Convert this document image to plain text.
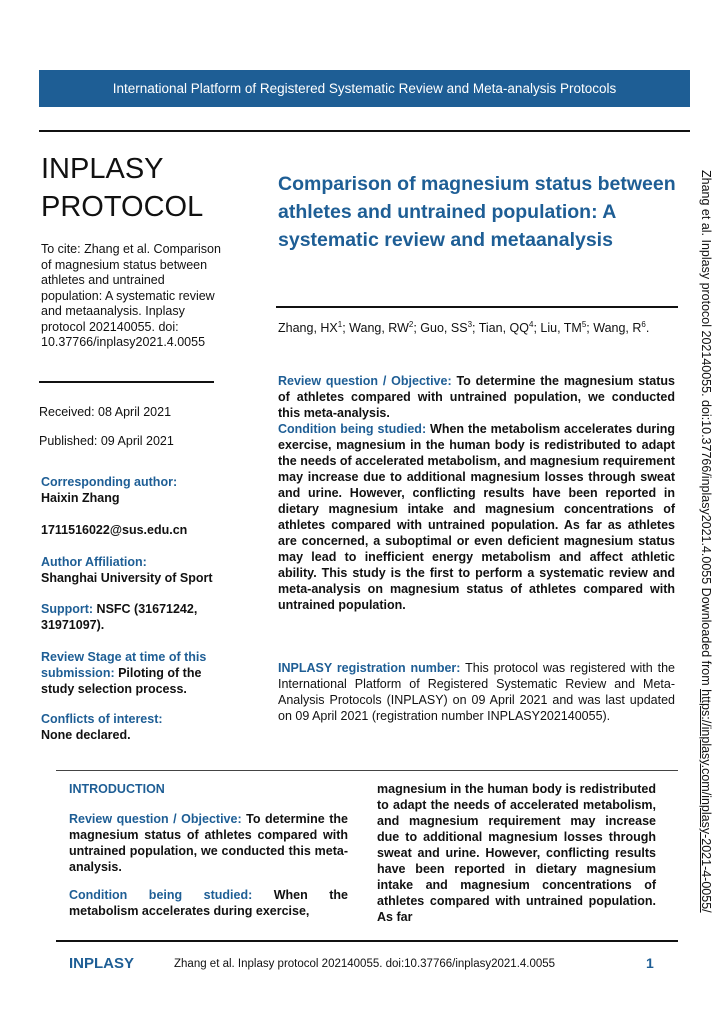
International Platform of Registered Systematic Review and Meta-analysis Protocols
INPLASY
PROTOCOL
To cite: Zhang et al. Comparison of magnesium status between athletes and untrained population: A systematic review and metaanalysis. Inplasy protocol 202140055. doi: 10.37766/inplasy2021.4.0055
Received: 08 April 2021
Published: 09 April 2021
Corresponding author:
Haixin Zhang
1711516022@sus.edu.cn
Author Affiliation:
Shanghai University of Sport
Support: NSFC (31671242, 31971097).
Review Stage at time of this submission: Piloting of the study selection process.
Conflicts of interest:
None declared.
Comparison of magnesium status between athletes and untrained population: A systematic review and metaanalysis
Zhang, $HX^1$; Wang, $RW^2$; Guo, $SS^3$; Tian, $QQ^4$; Liu, $TM^5$; Wang, $R^6$.

Review question / Objective: To determine the magnesium status of athletes compared with untrained population, we conducted this meta-analysis.

Condition being studied: When the metabolism accelerates during exercise, magnesium in the human body is redistributed to adapt the needs of accelerated metabolism, and magnesium requirement may increase due to additional magnesium losses through sweat and urine. However, conflicting results have been reported in dietary magnesium intake and magnesium concentrations of athletes compared with untrained population. As far as athletes are concerned, a suboptimal or even deficient magnesium status may lead to inefficient energy metabolism and affect athletic ability. This study is the first to perform a systematic review and meta-analysis on magnesium status of athletes compared with untrained population.

INPLASY registration number: This protocol was registered with the International Platform of Registered Systematic Review and Meta-Analysis Protocols (INPLASY) on 09 April 2021 and was last updated on 09 April 2021 (registration number INPLASY202140055).
INTRODUCTION

Review question / Objective: To determine the magnesium status of athletes compared with untrained population, we conducted this meta-analysis.

Condition being studied: When the metabolism accelerates during exercise,

magnesium in the human body is redistributed to adapt the needs of accelerated metabolism, and magnesium requirement may increase due to additional magnesium losses through sweat and urine. However, conflicting results have been reported in dietary magnesium intake and magnesium concentrations of athletes compared with untrained population. As far

INPLASY	Zhang et al. Inplasy protocol 202140055. doi:10.37766/inplasy2021.4.0055	1
Zhang et al. Inplasy protocol 202140055. doi:10.37766/inplasy2021.4.0055 Downloaded from https://inplasy.com/inplasy-2021-4-0055/
